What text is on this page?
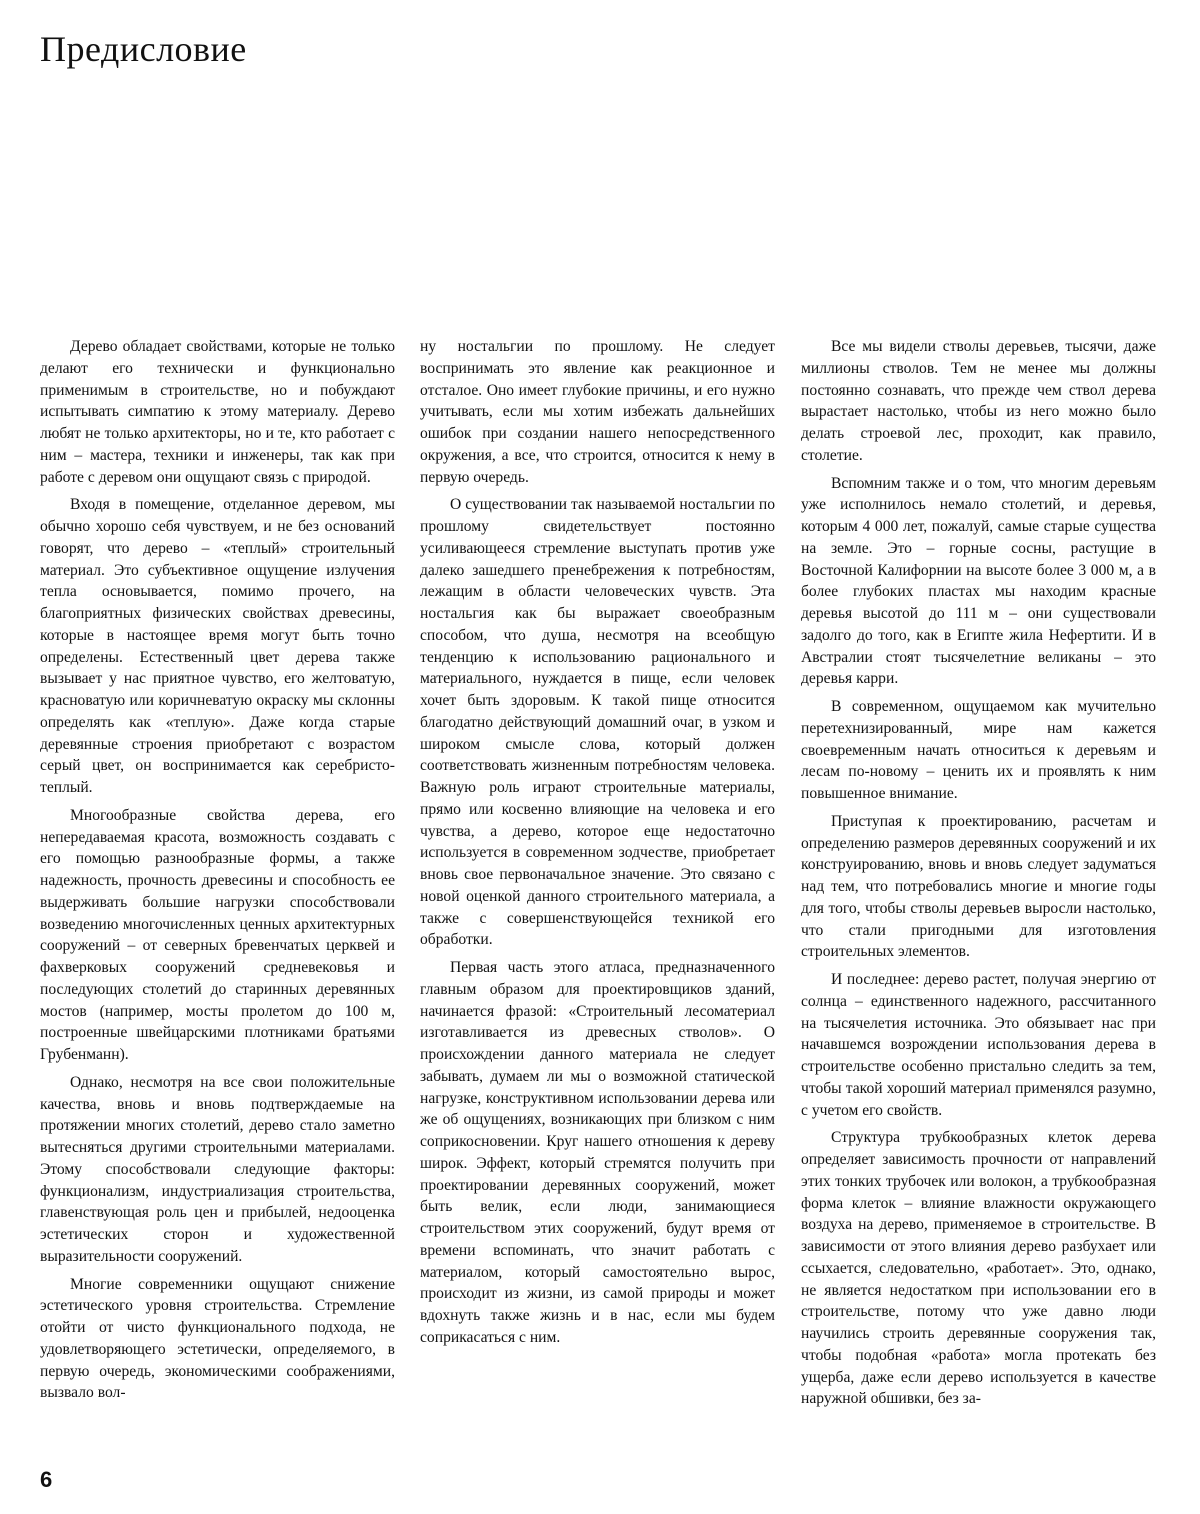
Предисловие

Дерево обладает свойствами, которые не только делают его технически и функционально применимым в строительстве, но и побуждают испытывать симпатию к этому материалу. Дерево любят не только архитекторы, но и те, кто работает с ним – мастера, техники и инженеры, так как при работе с деревом они ощущают связь с природой.

Входя в помещение, отделанное деревом, мы обычно хорошо себя чувствуем, и не без оснований говорят, что дерево – «теплый» строительный материал. Это субъективное ощущение излучения тепла основывается, помимо прочего, на благоприятных физических свойствах древесины, которые в настоящее время могут быть точно определены. Естественный цвет дерева также вызывает у нас приятное чувство, его желтоватую, красноватую или коричневатую окраску мы склонны определять как «теплую». Даже когда старые деревянные строения приобретают с возрастом серый цвет, он воспринимается как серебристо-теплый.

Многообразные свойства дерева, его непередаваемая красота, возможность создавать с его помощью разнообразные формы, а также надежность, прочность древесины и способность ее выдерживать большие нагрузки способствовали возведению многочисленных ценных архитектурных сооружений – от северных бревенчатых церквей и фахверковых сооружений средневековья и последующих столетий до старинных деревянных мостов (например, мосты пролетом до 100 м, построенные швейцарскими плотниками братьями Грубенманн).

Однако, несмотря на все свои положительные качества, вновь и вновь подтверждаемые на протяжении многих столетий, дерево стало заметно вытесняться другими строительными материалами. Этому способствовали следующие факторы: функционализм, индустриализация строительства, главенствующая роль цен и прибылей, недооценка эстетических сторон и художественной выразительности сооружений.

Многие современники ощущают снижение эстетического уровня строительства. Стремление отойти от чисто функционального подхода, не удовлетворяющего эстетически, определяемого, в первую очередь, экономическими соображениями, вызвало вол-

ну ностальгии по прошлому. Не следует воспринимать это явление как реакционное и отсталое. Оно имеет глубокие причины, и его нужно учитывать, если мы хотим избежать дальнейших ошибок при создании нашего непосредственного окружения, а все, что строится, относится к нему в первую очередь.

О существовании так называемой ностальгии по прошлому свидетельствует постоянно усиливающееся стремление выступать против уже далеко зашедшего пренебрежения к потребностям, лежащим в области человеческих чувств. Эта ностальгия как бы выражает своеобразным способом, что душа, несмотря на всеобщую тенденцию к использованию рационального и материального, нуждается в пище, если человек хочет быть здоровым. К такой пище относится благодатно действующий домашний очаг, в узком и широком смысле слова, который должен соответствовать жизненным потребностям человека. Важную роль играют строительные материалы, прямо или косвенно влияющие на человека и его чувства, а дерево, которое еще недостаточно используется в современном зодчестве, приобретает вновь свое первоначальное значение. Это связано с новой оценкой данного строительного материала, а также с совершенствующейся техникой его обработки.

Первая часть этого атласа, предназначенного главным образом для проектировщиков зданий, начинается фразой: «Строительный лесоматериал изготавливается из древесных стволов». О происхождении данного материала не следует забывать, думаем ли мы о возможной статической нагрузке, конструктивном использовании дерева или же об ощущениях, возникающих при близком с ним соприкосновении. Круг нашего отношения к дереву широк. Эффект, который стремятся получить при проектировании деревянных сооружений, может быть велик, если люди, занимающиеся строительством этих сооружений, будут время от времени вспоминать, что значит работать с материалом, который самостоятельно вырос, происходит из жизни, из самой природы и может вдохнуть также жизнь и в нас, если мы будем соприкасаться с ним.

Все мы видели стволы деревьев, тысячи, даже миллионы стволов. Тем не менее мы должны постоянно сознавать, что прежде чем ствол дерева вырастает настолько, чтобы из него можно было делать строевой лес, проходит, как правило, столетие.

Вспомним также и о том, что многим деревьям уже исполнилось немало столетий, и деревья, которым 4 000 лет, пожалуй, самые старые существа на земле. Это – горные сосны, растущие в Восточной Калифорнии на высоте более 3 000 м, а в более глубоких пластах мы находим красные деревья высотой до 111 м – они существовали задолго до того, как в Египте жила Нефертити. И в Австралии стоят тысячелетние великаны – это деревья карри.

В современном, ощущаемом как мучительно перетехнизированный, мире нам кажется своевременным начать относиться к деревьям и лесам по-новому – ценить их и проявлять к ним повышенное внимание.

Приступая к проектированию, расчетам и определению размеров деревянных сооружений и их конструированию, вновь и вновь следует задуматься над тем, что потребовались многие и многие годы для того, чтобы стволы деревьев выросли настолько, что стали пригодными для изготовления строительных элементов.

И последнее: дерево растет, получая энергию от солнца – единственного надежного, рассчитанного на тысячелетия источника. Это обязывает нас при начавшемся возрождении использования дерева в строительстве особенно пристально следить за тем, чтобы такой хороший материал применялся разумно, с учетом его свойств.

Структура трубкообразных клеток дерева определяет зависимость прочности от направлений этих тонких трубочек или волокон, а трубкообразная форма клеток – влияние влажности окружающего воздуха на дерево, применяемое в строительстве. В зависимости от этого влияния дерево разбухает или ссыхается, следовательно, «работает». Это, однако, не является недостатком при использовании его в строительстве, потому что уже давно люди научились строить деревянные сооружения так, чтобы подобная «работа» могла протекать без ущерба, даже если дерево используется в качестве наружной обшивки, без за-

6
